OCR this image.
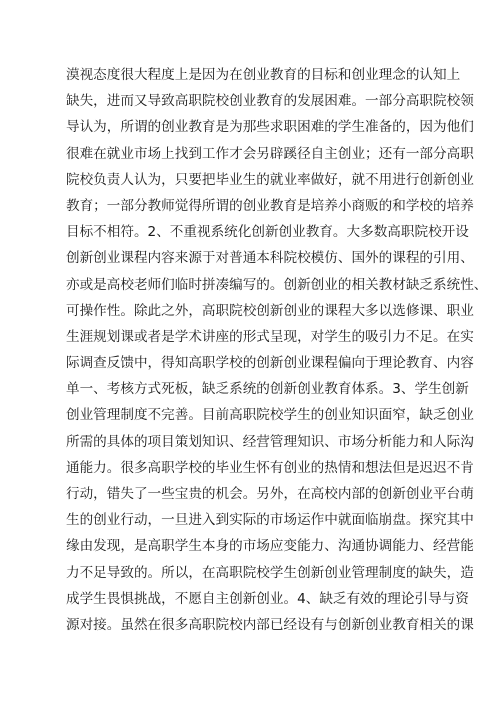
漠视态度很大程度上是因为在创业教育的目标和创业理念的认知上
缺失，进而又导致高职院校创业教育的发展困难。一部分高职院校领
导认为，所谓的创业教育是为那些求职困难的学生准备的，因为他们
很难在就业市场上找到工作才会另辟蹊径自主创业；还有一部分高职
院校负责人认为，只要把毕业生的就业率做好，就不用进行创新创业
教育；一部分教师觉得所谓的创业教育是培养小商贩的和学校的培养
目标不相符。2、不重视系统化创新创业教育。大多数高职院校开设
创新创业课程内容来源于对普通本科院校模仿、国外的课程的引用、
亦或是高校老师们临时拼凑编写的。创新创业的相关教材缺乏系统性、
可操作性。除此之外，高职院校创新创业的课程大多以选修课、职业
生涯规划课或者是学术讲座的形式呈现，对学生的吸引力不足。在实
际调查反馈中，得知高职学校的创新创业课程偏向于理论教育、内容
单一、考核方式死板，缺乏系统的创新创业教育体系。3、学生创新
创业管理制度不完善。目前高职院校学生的创业知识面窄，缺乏创业
所需的具体的项目策划知识、经营管理知识、市场分析能力和人际沟
通能力。很多高职学校的毕业生怀有创业的热情和想法但是迟迟不肯
行动，错失了一些宝贵的机会。另外，在高校内部的创新创业平台萌
生的创业行动，一旦进入到实际的市场运作中就面临崩盘。探究其中
缘由发现，是高职学生本身的市场应变能力、沟通协调能力、经营能
力不足导致的。所以，在高职院校学生创新创业管理制度的缺失，造
成学生畏惧挑战，不愿自主创新创业。4、缺乏有效的理论引导与资
源对接。虽然在很多高职院校内部已经设有与创新创业教育相关的课
